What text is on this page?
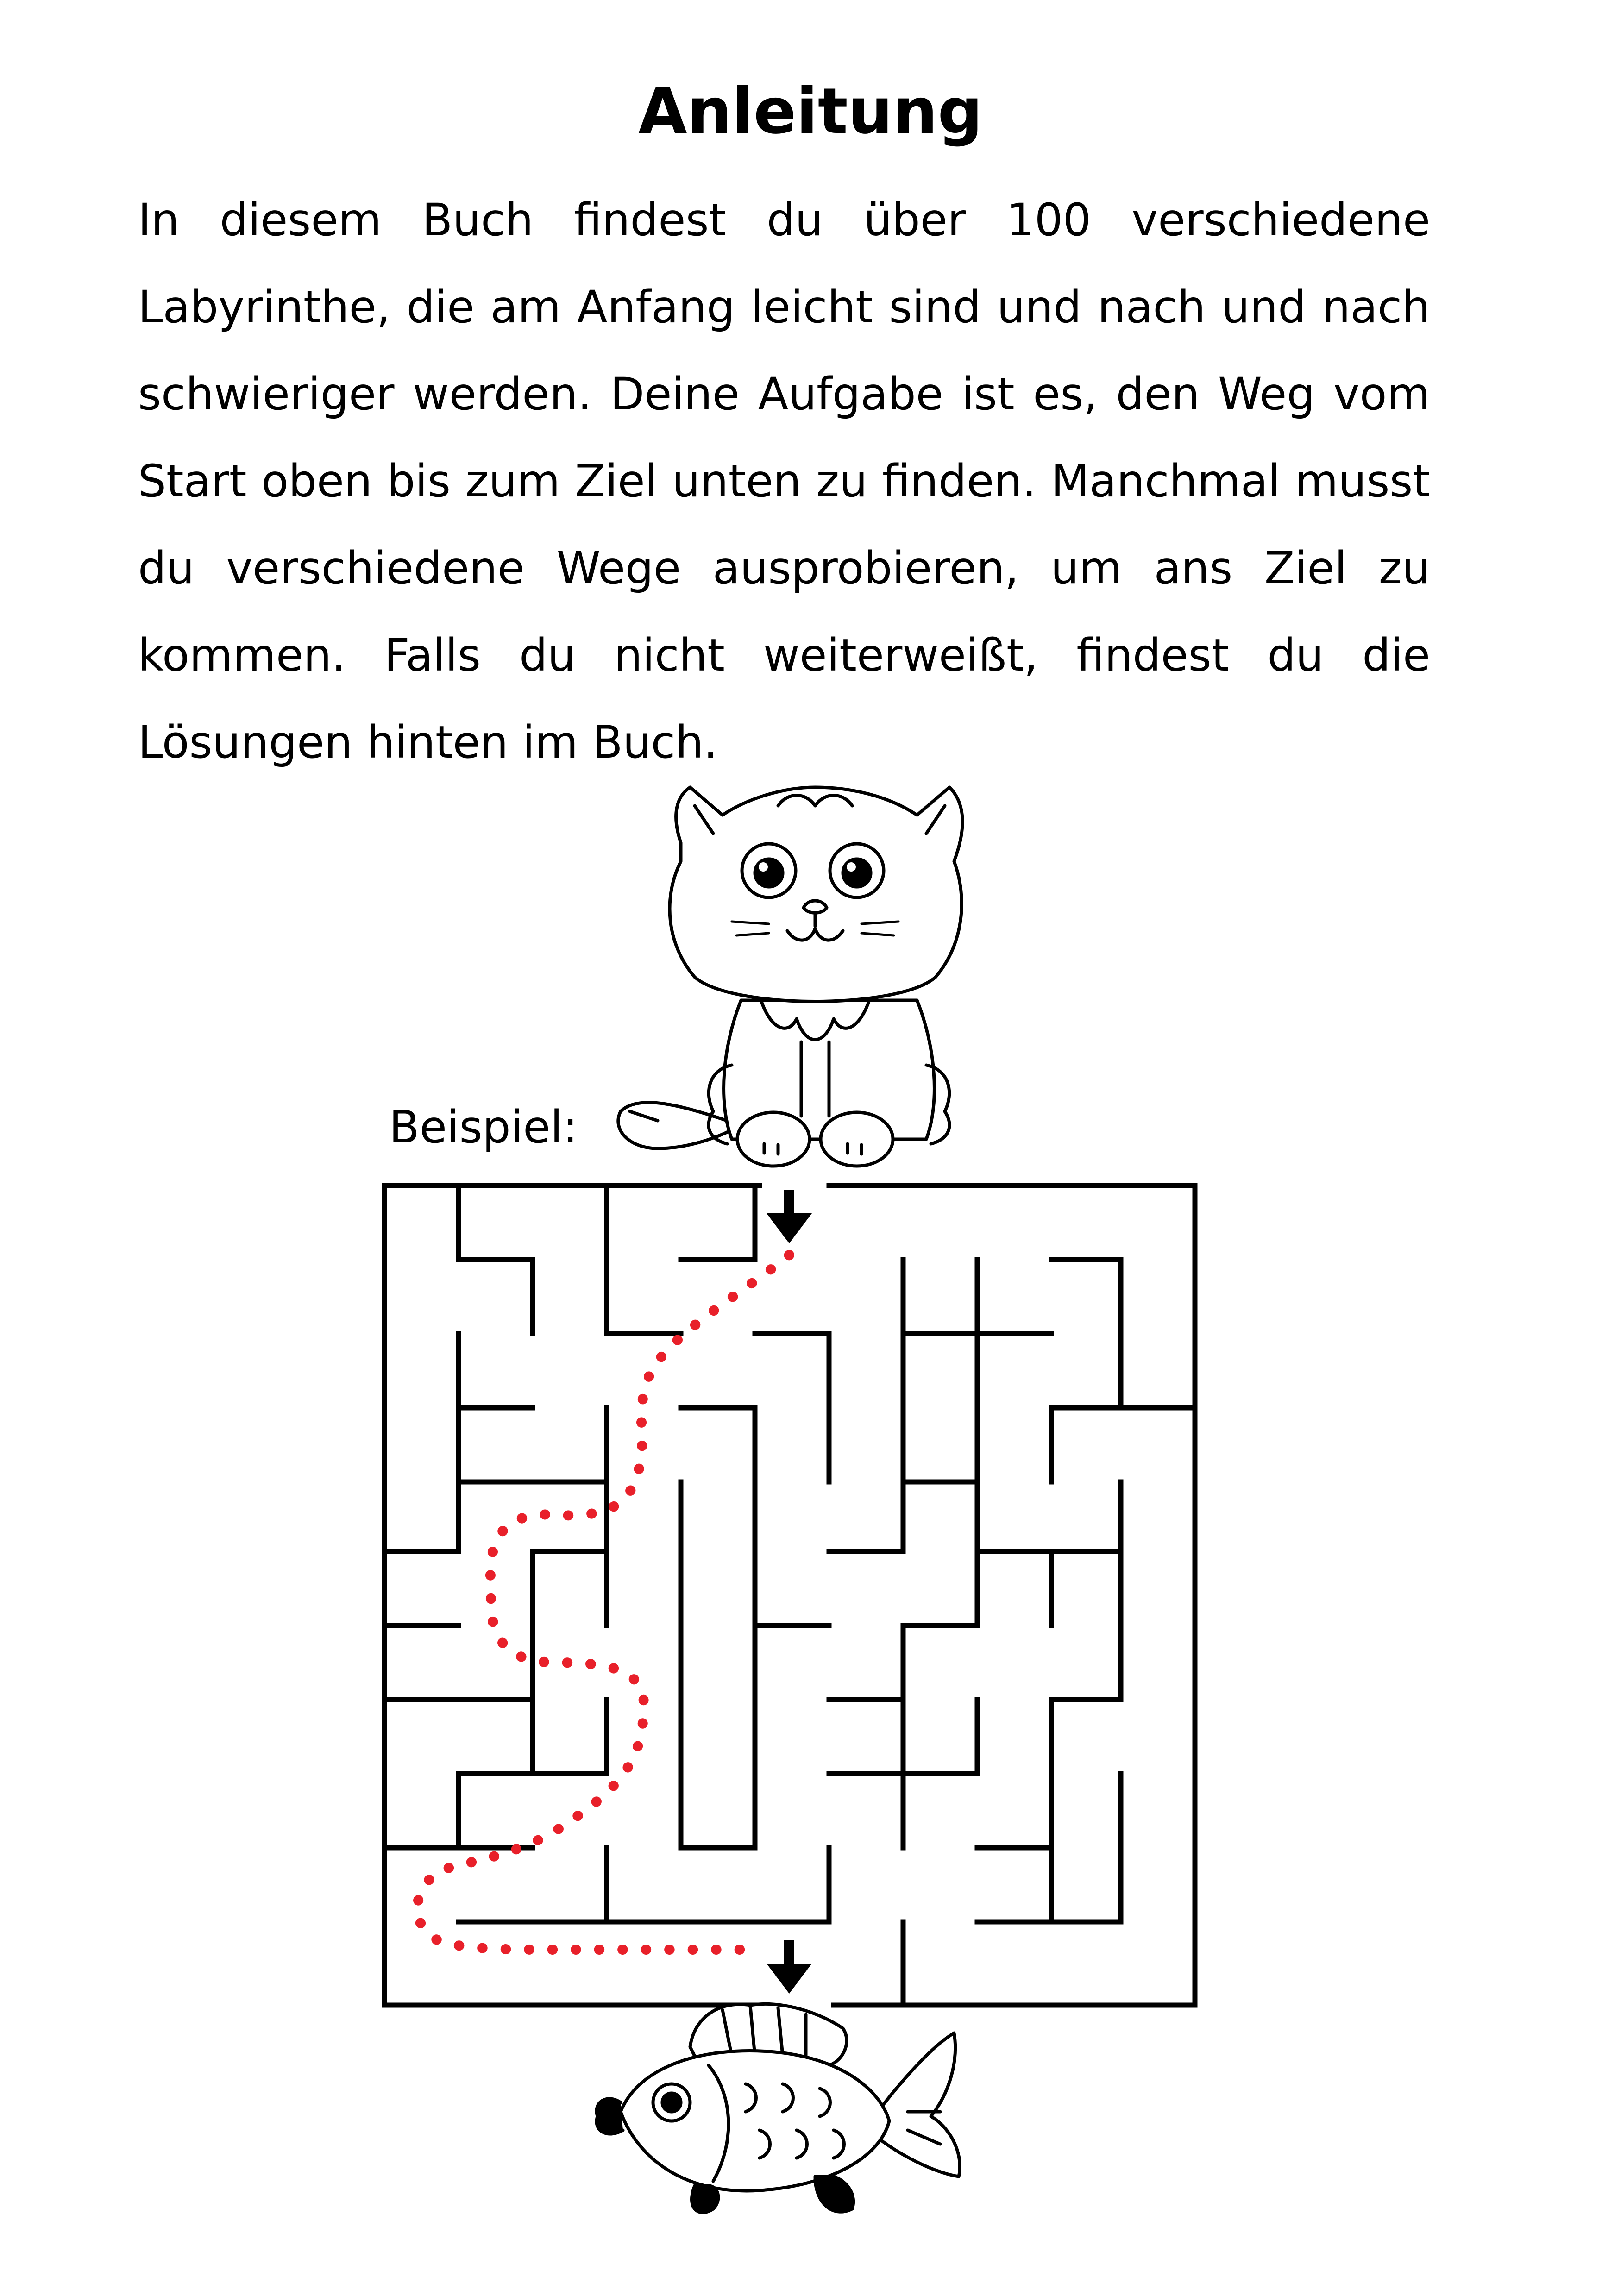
Anleitung
In diesem Buch findest du über 100 verschiedene
Labyrinthe, die am Anfang leicht sind und nach und nach
schwieriger werden. Deine Aufgabe ist es, den Weg vom
Start oben bis zum Ziel unten zu finden. Manchmal musst
du verschiedene Wege ausprobieren, um ans Ziel zu
kommen. Falls du nicht weiterweißt, findest du die
Lösungen hinten im Buch.
Beispiel:
